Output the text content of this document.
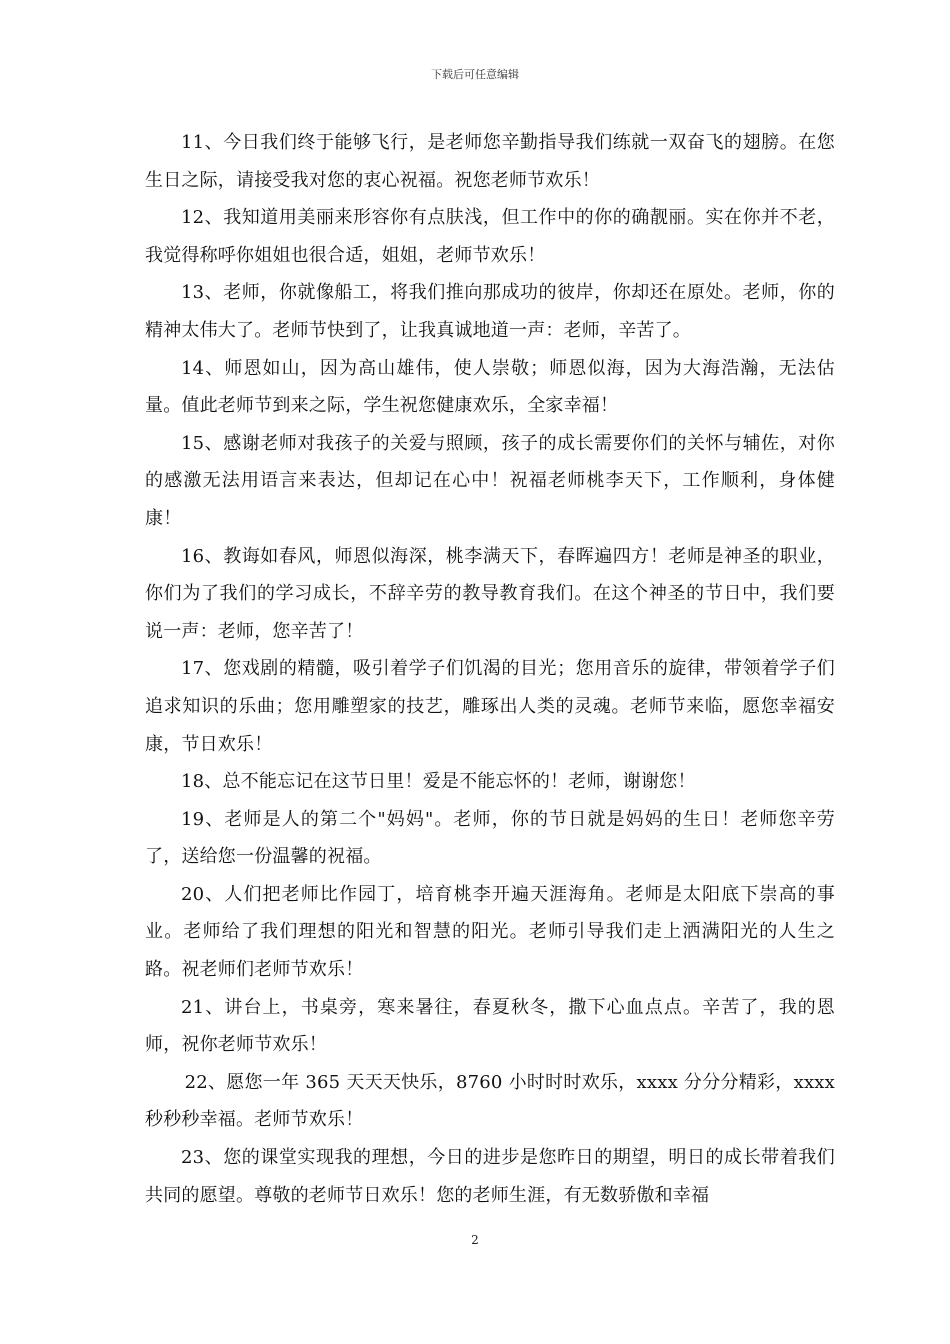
下载后可任意编辑

11、今日我们终于能够飞行，是老师您辛勤指导我们练就一双奋飞的翅膀。在您生日之际，请接受我对您的衷心祝福。祝您老师节欢乐！

12、我知道用美丽来形容你有点肤浅，但工作中的你的确靓丽。实在你并不老，我觉得称呼你姐姐也很合适，姐姐，老师节欢乐！

13、老师，你就像船工，将我们推向那成功的彼岸，你却还在原处。老师，你的精神太伟大了。老师节快到了，让我真诚地道一声：老师，辛苦了。

14、师恩如山，因为高山雄伟，使人崇敬；师恩似海，因为大海浩瀚，无法估量。值此老师节到来之际，学生祝您健康欢乐，全家幸福！

15、感谢老师对我孩子的关爱与照顾，孩子的成长需要你们的关怀与辅佐，对你的感激无法用语言来表达，但却记在心中！祝福老师桃李天下，工作顺利，身体健康！

16、教诲如春风，师恩似海深，桃李满天下，春晖遍四方！老师是神圣的职业，你们为了我们的学习成长，不辞辛劳的教导教育我们。在这个神圣的节日中，我们要说一声：老师，您辛苦了！

17、您戏剧的精髓，吸引着学子们饥渴的目光；您用音乐的旋律，带领着学子们追求知识的乐曲；您用雕塑家的技艺，雕琢出人类的灵魂。老师节来临，愿您幸福安康，节日欢乐！

18、总不能忘记在这节日里！爱是不能忘怀的！老师，谢谢您！

19、老师是人的第二个"妈妈"。老师，你的节日就是妈妈的生日！老师您辛劳了，送给您一份温馨的祝福。

20、人们把老师比作园丁，培育桃李开遍天涯海角。老师是太阳底下崇高的事业。老师给了我们理想的阳光和智慧的阳光。老师引导我们走上洒满阳光的人生之路。祝老师们老师节欢乐！

21、讲台上，书桌旁，寒来暑往，春夏秋冬，撒下心血点点。辛苦了，我的恩师，祝你老师节欢乐！

22、愿您一年 365 天天天快乐，8760 小时时时欢乐，xxxx 分分分精彩，xxxx 秒秒秒幸福。老师节欢乐！

23、您的课堂实现我的理想，今日的进步是您昨日的期望，明日的成长带着我们共同的愿望。尊敬的老师节日欢乐！您的老师生涯，有无数骄傲和幸福

2
